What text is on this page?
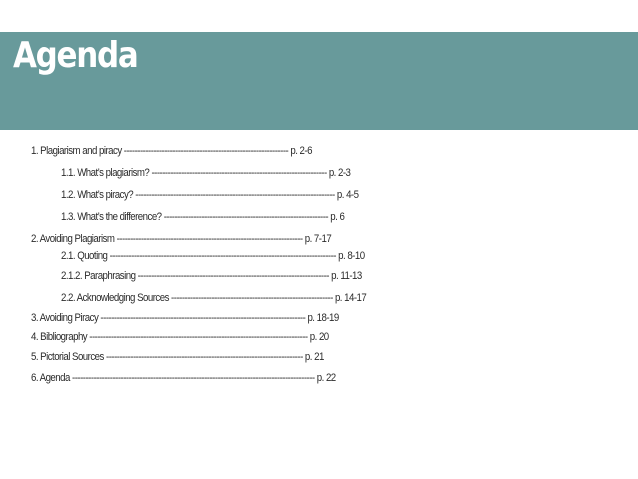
Agenda
1. Plagiarism and piracy ------------------------------------------------------------- p. 2-6
1.1. What’s plagiarism? ----------------------------------------------------------------- p. 2-3
1.2. What’s piracy? -------------------------------------------------------------------------- p. 4-5
1.3. What’s the difference? ------------------------------------------------------------- p. 6
2. Avoiding Plagiarism --------------------------------------------------------------------- p. 7-17
2.1. Quoting ------------------------------------------------------------------------------------ p. 8-10
2.1.2. Paraphrasing ----------------------------------------------------------------------- p. 11-13
2.2. Acknowledging Sources ------------------------------------------------------------ p. 14-17
3. Avoiding Piracy ---------------------------------------------------------------------------- p. 18-19
4. Bibliography --------------------------------------------------------------------------------- p. 20
5. Pictorial Sources ------------------------------------------------------------------------- p. 21
6. Agenda ------------------------------------------------------------------------------------------ p. 22
